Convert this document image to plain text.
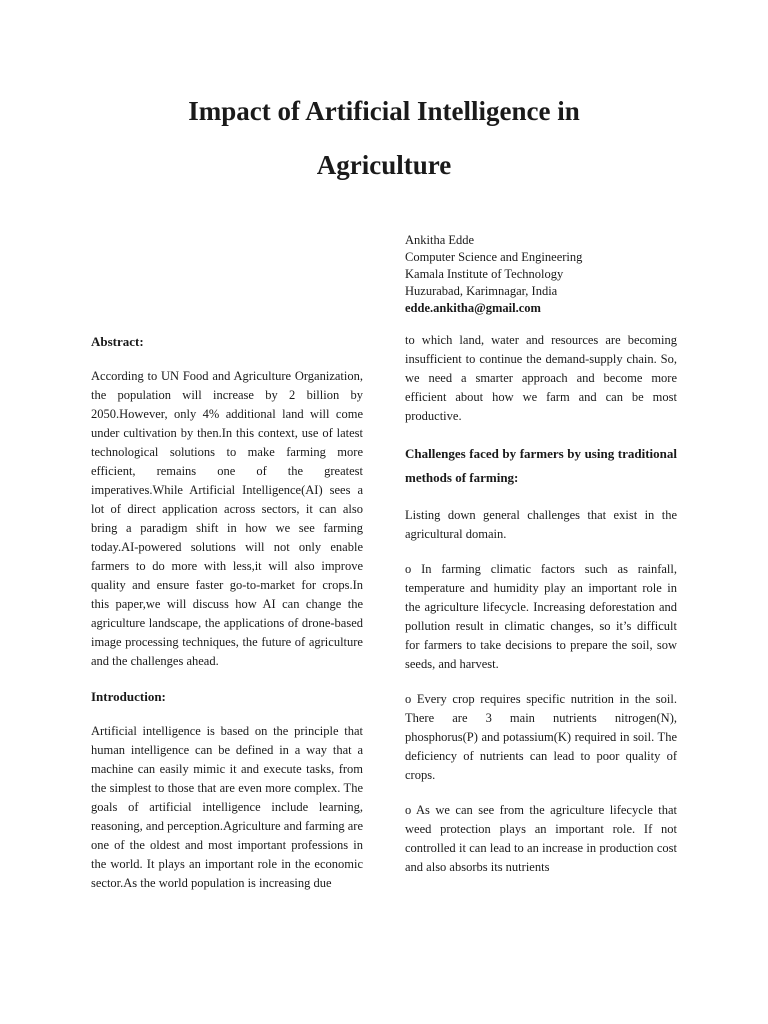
Impact of Artificial Intelligence in
Agriculture
Ankitha Edde
Computer Science and Engineering
Kamala Institute of Technology
Huzurabad, Karimnagar, India
edde.ankitha@gmail.com
Abstract:

According to UN Food and Agriculture Organization, the population will increase by 2 billion by 2050.However, only 4% additional land will come under cultivation by then.In this context, use of latest technological solutions to make farming more efficient, remains one of the greatest imperatives.While Artificial Intelligence(AI) sees a lot of direct application across sectors, it can also bring a paradigm shift in how we see farming today.AI-powered solutions will not only enable farmers to do more with less,it will also improve quality and ensure faster go-to-market for crops.In this paper,we will discuss how AI can change the agriculture landscape, the applications of drone-based image processing techniques, the future of agriculture and the challenges ahead.

Introduction:

Artificial intelligence is based on the principle that human intelligence can be defined in a way that a machine can easily mimic it and execute tasks, from the simplest to those that are even more complex. The goals of artificial intelligence include learning, reasoning, and perception.Agriculture and farming are one of the oldest and most important professions in the world. It plays an important role in the economic sector.As the world population is increasing due

to which land, water and resources are becoming insufficient to continue the demand-supply chain. So, we need a smarter approach and become more efficient about how we farm and can be most productive.

Challenges faced by farmers by using traditional methods of farming:

Listing down general challenges that exist in the agricultural domain.

o In farming climatic factors such as rainfall, temperature and humidity play an important role in the agriculture lifecycle. Increasing deforestation and pollution result in climatic changes, so it’s difficult for farmers to take decisions to prepare the soil, sow seeds, and harvest.

o Every crop requires specific nutrition in the soil. There are 3 main nutrients nitrogen(N), phosphorus(P) and potassium(K) required in soil. The deficiency of nutrients can lead to poor quality of crops.

o As we can see from the agriculture lifecycle that weed protection plays an important role. If not controlled it can lead to an increase in production cost and also absorbs its nutrients
